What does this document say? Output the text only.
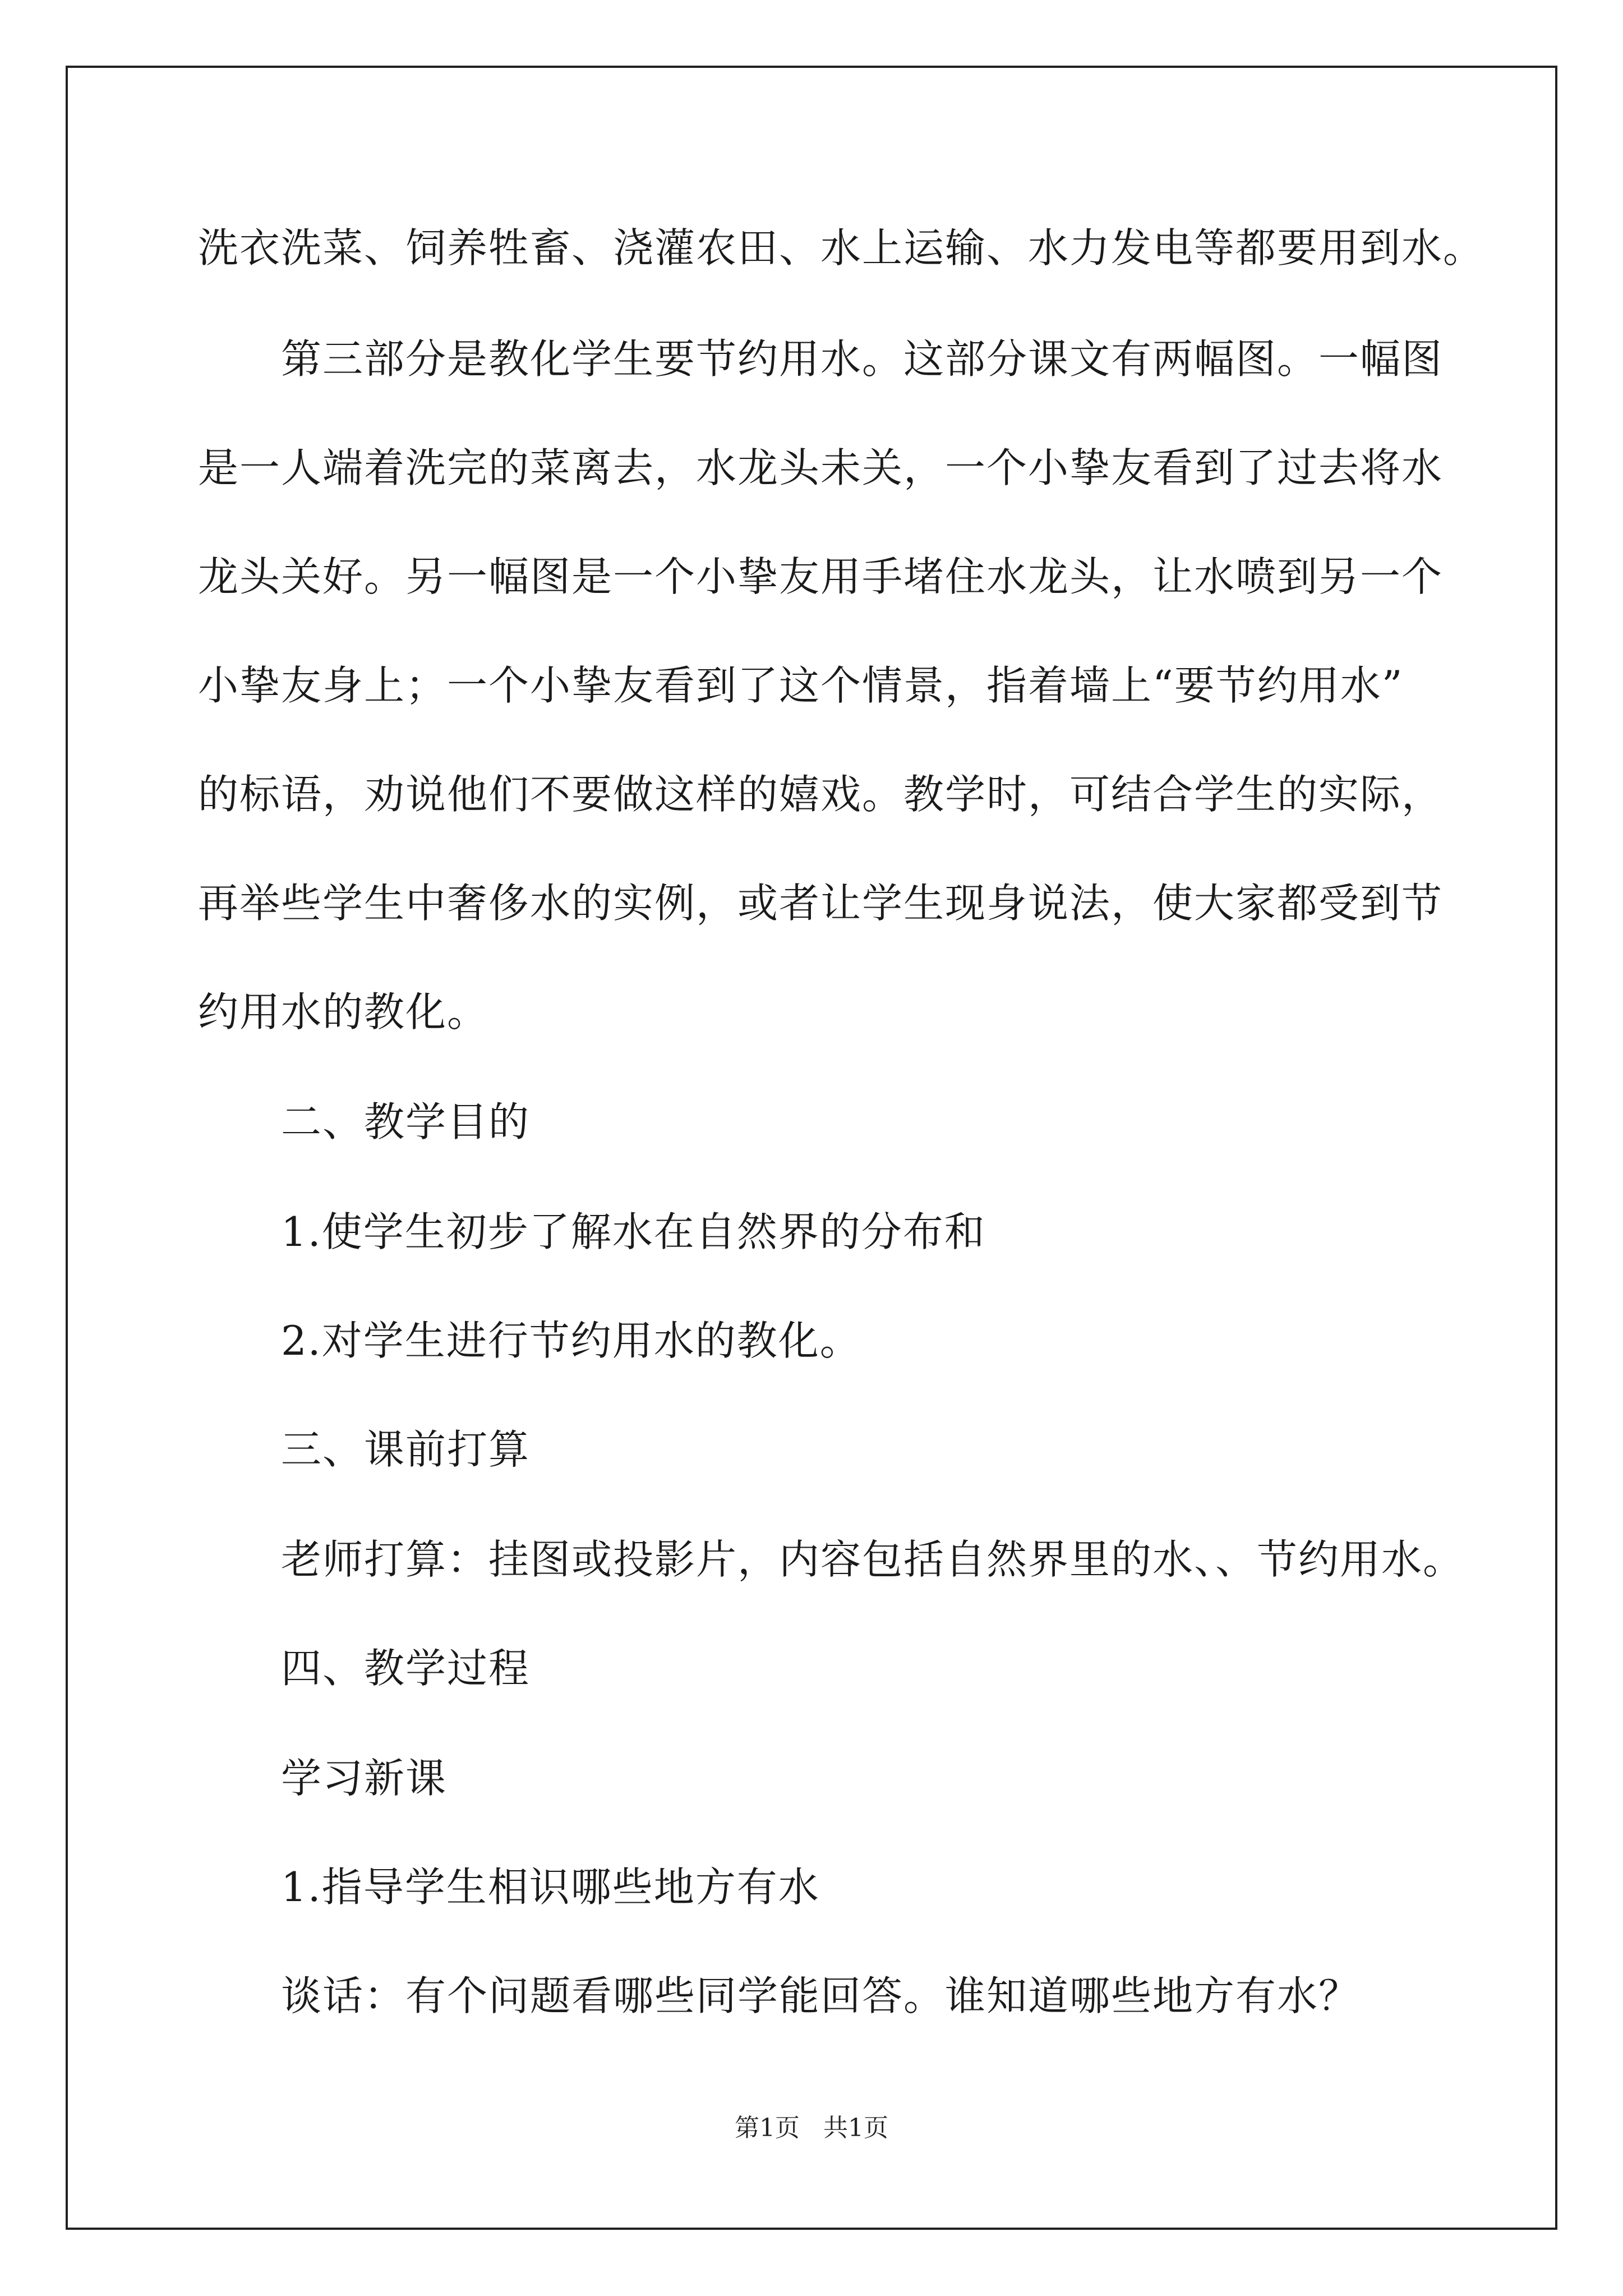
洗衣洗菜、饲养牲畜、浇灌农田、水上运输、水力发电等都要用到水。
第三部分是教化学生要节约用水。这部分课文有两幅图。一幅图
是一人端着洗完的菜离去，水龙头未关，一个小挚友看到了过去将水
龙头关好。另一幅图是一个小挚友用手堵住水龙头，让水喷到另一个
小挚友身上；一个小挚友看到了这个情景，指着墙上“要节约用水”
的标语，劝说他们不要做这样的嬉戏。教学时，可结合学生的实际，
再举些学生中奢侈水的实例，或者让学生现身说法，使大家都受到节
约用水的教化。
二、教学目的
1.使学生初步了解水在自然界的分布和
2.对学生进行节约用水的教化。
三、课前打算
老师打算：挂图或投影片，内容包括自然界里的水、、节约用水。
四、教学过程
学习新课
1.指导学生相识哪些地方有水
谈话：有个问题看哪些同学能回答。谁知道哪些地方有水？
第1页 共1页
